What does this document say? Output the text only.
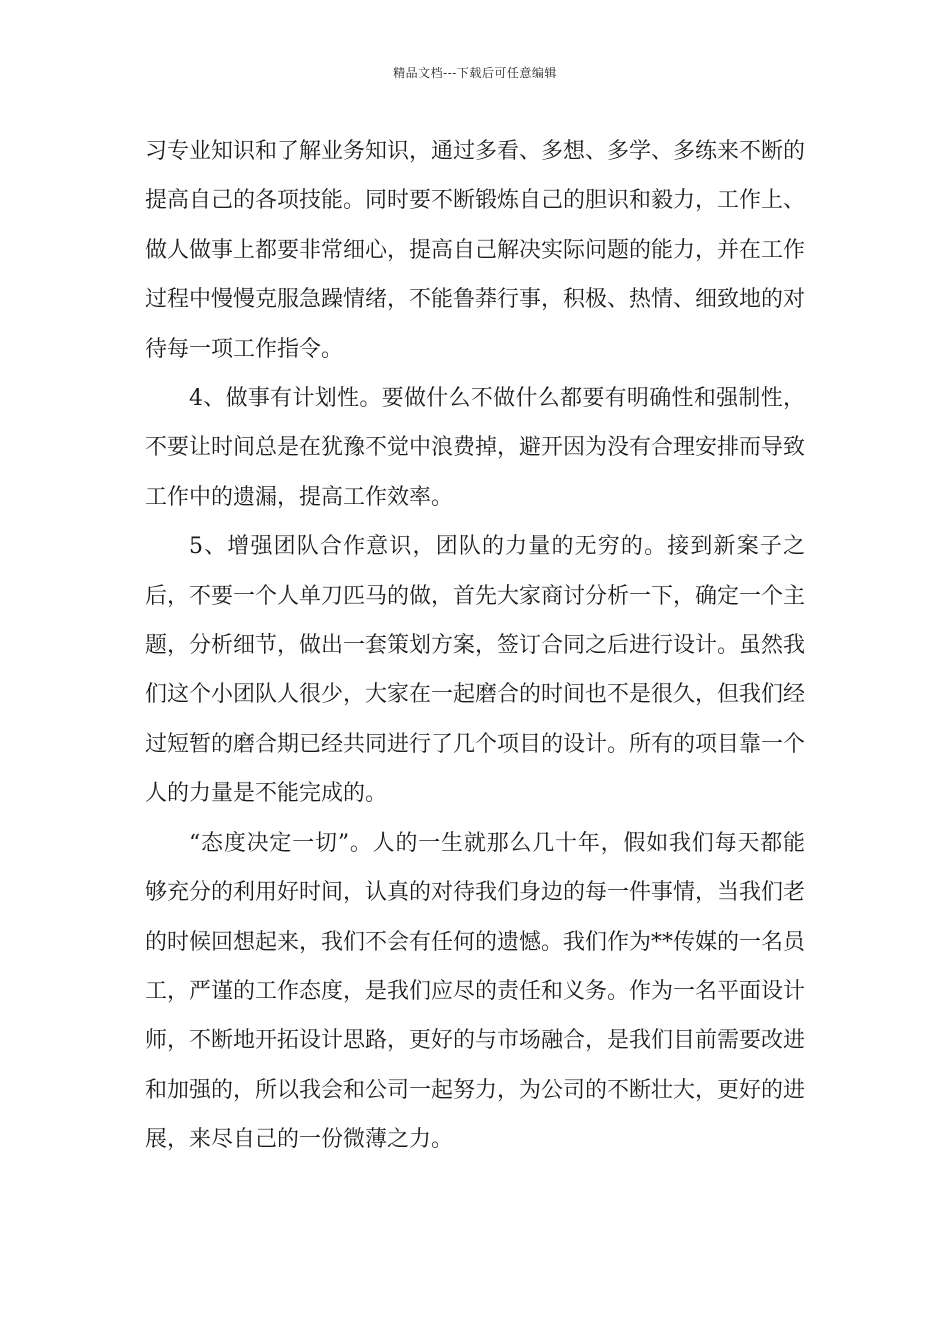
精品文档---下载后可任意编辑

习专业知识和了解业务知识，通过多看、多想、多学、多练来不断的提高自己的各项技能。同时要不断锻炼自己的胆识和毅力，工作上、做人做事上都要非常细心，提高自己解决实际问题的能力，并在工作过程中慢慢克服急躁情绪，不能鲁莽行事，积极、热情、细致地的对待每一项工作指令。

4、做事有计划性。要做什么不做什么都要有明确性和强制性，不要让时间总是在犹豫不觉中浪费掉，避开因为没有合理安排而导致工作中的遗漏，提高工作效率。

5、增强团队合作意识，团队的力量的无穷的。接到新案子之后，不要一个人单刀匹马的做，首先大家商讨分析一下，确定一个主题，分析细节，做出一套策划方案，签订合同之后进行设计。虽然我们这个小团队人很少，大家在一起磨合的时间也不是很久，但我们经过短暂的磨合期已经共同进行了几个项目的设计。所有的项目靠一个人的力量是不能完成的。

“态度决定一切”。人的一生就那么几十年，假如我们每天都能够充分的利用好时间，认真的对待我们身边的每一件事情，当我们老的时候回想起来，我们不会有任何的遗憾。我们作为**传媒的一名员工，严谨的工作态度，是我们应尽的责任和义务。作为一名平面设计师，不断地开拓设计思路，更好的与市场融合，是我们目前需要改进和加强的，所以我会和公司一起努力，为公司的不断壮大，更好的进展，来尽自己的一份微薄之力。
